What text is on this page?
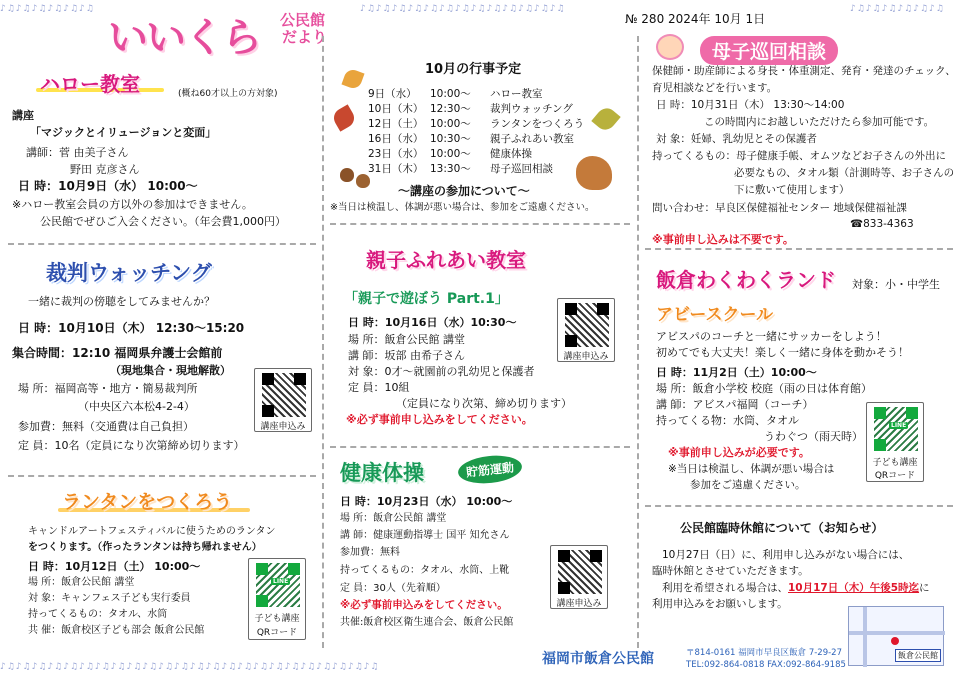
♪♫♪♫♪♫♪♫♪♫♪♫	♪♫♪♫♪♫♪♫♪♫♪♫♪♫♪♫♪♫♪♫♪♫♪♫♪♫	♪♫♪♫♪♫♪♫♪♫♪♫
♪♫♪♫♪♫♪♫♪♫♪♫♪♫♪♫♪♫♪♫♪♫♪♫♪♫♪♫♪♫♪♫♪♫♪♫♪♫♪♫♪♫♪♫♪♫♪♫
いいくら 公民館
だより
№ 280 2024年 10月 1日
ハロー教室	(概ね60才以上の方対象)
講座
「マジックとイリュージョンと変面」
講師：菅 由美子さん
野田 克彦さん
日 時：10月9日（水） 10:00～
※ハロー教室会員の方以外の参加はできません。
公民館でぜひご入会ください。（年会費1,000円）
10月の行事予定
9日（水） 10:00～ ハロー教室
10日（木） 12:30～ 裁判ウォッチング
12日（土） 10:00～ ランタンをつくろう
16日（水） 10:30～ 親子ふれあい教室
23日（水） 10:00～ 健康体操
31日（木） 13:30～ 母子巡回相談
～講座の参加について～
※当日は検温し、体調が悪い場合は、参加をご遠慮ください。
母子巡回相談
保健師・助産師による身長・体重測定、発育・発達のチェック、
育児相談などを行います。
日 時：10月31日（木） 13:30～14:00
この時間内にお越しいただけたら参加可能です。
対 象：妊婦、乳幼児とその保護者
持ってくるもの：母子健康手帳、オムツなどお子さんの外出に
必要なもの、タオル類（計測時等、お子さんの
下に敷いて使用します）
問い合わせ：早良区保健福祉センター 地域保健福祉課
☎833-4363
※事前申し込みは不要です。
裁判ウォッチング
一緒に裁判の傍聴をしてみませんか？
日 時：10月10日（木） 12:30～15:20
集合時間：12:10 福岡県弁護士会館前
（現地集合・現地解散）
場 所：福岡高等・地方・簡易裁判所
（中央区六本松4-2-4）
参加費：無料（交通費は自己負担）
定 員：10名（定員になり次第締め切ります）
講座申込み
親子ふれあい教室
「親子で遊ぼう Part.1」
日 時：10月16日（水）10:30～
場 所：飯倉公民館 講堂
講 師：坂部 由希子さん
対 象：0才～就園前の乳幼児と保護者
定 員：10組
（定員になり次第、締め切ります）
※必ず事前申し込みをしてください。
講座申込み
飯倉わくわくランド 対象：小・中学生
アビースクール
アビスパのコーチと一緒にサッカーをしよう！
初めてでも大丈夫！楽しく一緒に身体を動かそう！
日 時：11月2日（土）10:00～
場 所：飯倉小学校 校庭（雨の日は体育館）
講 師：アビスパ福岡（コーチ）
持ってくる物：水筒、タオル
うわぐつ（雨天時）
※事前申し込みが必要です。
※当日は検温し、体調が悪い場合は
参加をご遠慮ください。
LINE
子ども講座
QRコード
ランタンをつくろう
キャンドルアートフェスティバルに使うためのランタン
をつくります。（作ったランタンは持ち帰れません）
日 時：10月12日（土） 10:00～
場 所：飯倉公民館 講堂
対 象：キャンフェス子ども実行委員
持ってくるもの：タオル、水筒
共 催：飯倉校区子ども部会 飯倉公民館
LINE
子ども講座
QRコード
健康体操	貯筋運動
日 時：10月23日（水） 10:00～
場 所：飯倉公民館 講堂
講 師：健康運動指導士 国平 知允さん
参加費：無料
持ってくるもの：タオル、水筒、上靴
定 員：30人（先着順）
※必ず事前申込みをしてください。
共催:飯倉校区衛生連合会、飯倉公民館
講座申込み
公民館臨時休館について（お知らせ）
10月27日（日）に、利用申し込みがない場合には、
臨時休館とさせていただきます。
利用を希望される場合は、10月17日（木）午後5時迄に
利用申込みをお願いします。
福岡市飯倉公民館	〒814-0161 福岡市早良区飯倉 7-29-27
TEL:092-864-0818 FAX:092-864-9185
飯倉公民館
